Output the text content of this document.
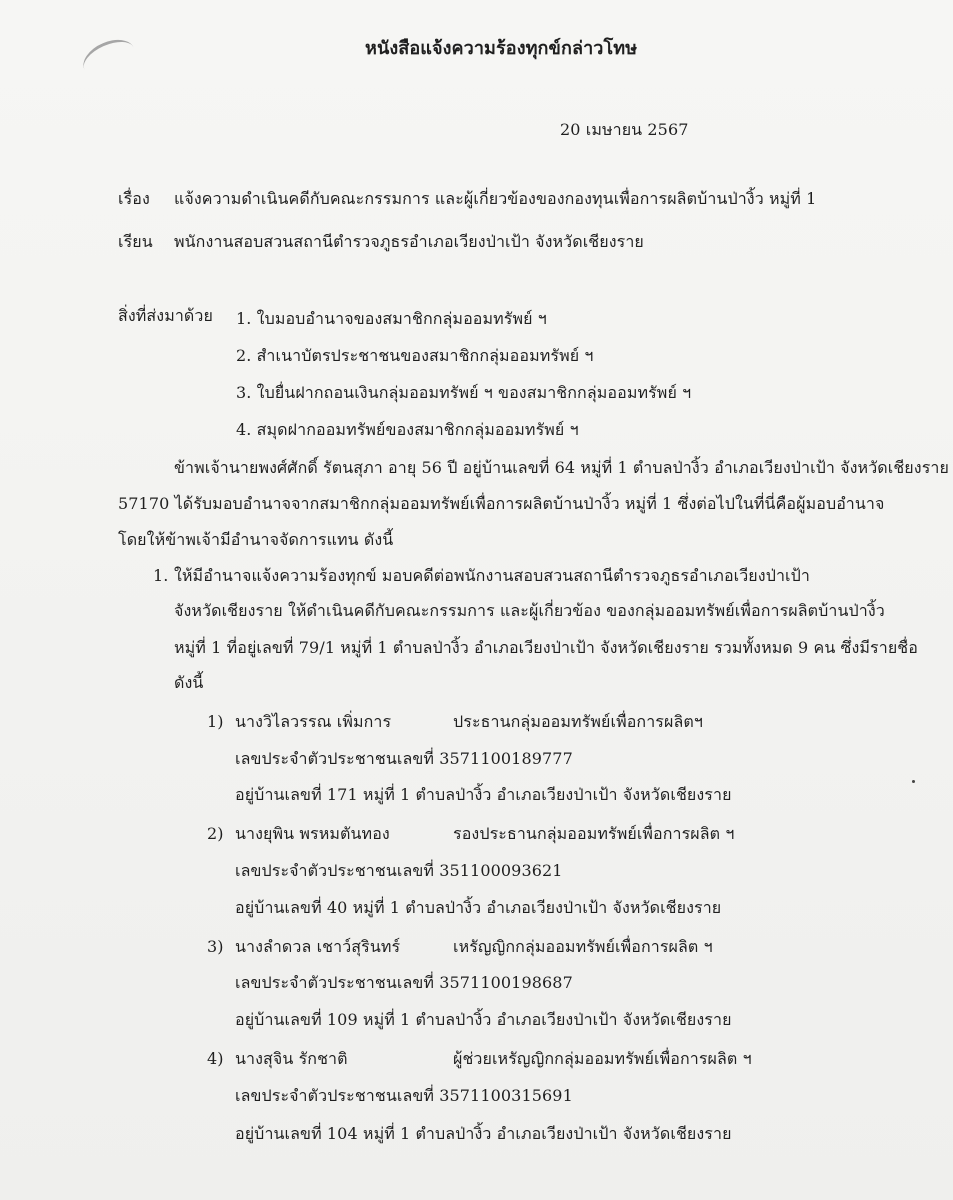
หนังสือแจ้งความร้องทุกข์กล่าวโทษ
20 เมษายน 2567
เรื่อง แจ้งความดำเนินคดีกับคณะกรรมการ และผู้เกี่ยวข้องของกองทุนเพื่อการผลิตบ้านป่างิ้ว หมู่ที่ 1
เรียน พนักงานสอบสวนสถานีตำรวจภูธรอำเภอเวียงป่าเป้า จังหวัดเชียงราย
สิ่งที่ส่งมาด้วย 1. ใบมอบอำนาจของสมาชิกกลุ่มออมทรัพย์ ฯ
2. สำเนาบัตรประชาชนของสมาชิกกลุ่มออมทรัพย์ ฯ
3. ใบยื่นฝากถอนเงินกลุ่มออมทรัพย์ ฯ ของสมาชิกกลุ่มออมทรัพย์ ฯ
4. สมุดฝากออมทรัพย์ของสมาชิกกลุ่มออมทรัพย์ ฯ
ข้าพเจ้านายพงศ์ศักดิ์ รัตนสุภา อายุ 56 ปี อยู่บ้านเลขที่ 64 หมู่ที่ 1 ตำบลป่างิ้ว อำเภอเวียงป่าเป้า จังหวัดเชียงราย
57170 ได้รับมอบอำนาจจากสมาชิกกลุ่มออมทรัพย์เพื่อการผลิตบ้านป่างิ้ว หมู่ที่ 1 ซึ่งต่อไปในที่นี่คือผู้มอบอำนาจ
โดยให้ข้าพเจ้ามีอำนาจจัดการแทน ดังนี้
1. ให้มีอำนาจแจ้งความร้องทุกข์ มอบคดีต่อพนักงานสอบสวนสถานีตำรวจภูธรอำเภอเวียงป่าเป้า
จังหวัดเชียงราย ให้ดำเนินคดีกับคณะกรรมการ และผู้เกี่ยวข้อง ของกลุ่มออมทรัพย์เพื่อการผลิตบ้านป่างิ้ว
หมู่ที่ 1 ที่อยู่เลขที่ 79/1 หมู่ที่ 1 ตำบลป่างิ้ว อำเภอเวียงป่าเป้า จังหวัดเชียงราย รวมทั้งหมด 9 คน ซึ่งมีรายชื่อ
ดังนี้
1) นางวิไลวรรณ เพิ่มการ	ประธานกลุ่มออมทรัพย์เพื่อการผลิตฯ
เลขประจำตัวประชาชนเลขที่ 3571100189777
อยู่บ้านเลขที่ 171 หมู่ที่ 1 ตำบลป่างิ้ว อำเภอเวียงป่าเป้า จังหวัดเชียงราย
2) นางยุพิน พรหมตันทอง	รองประธานกลุ่มออมทรัพย์เพื่อการผลิต ฯ
เลขประจำตัวประชาชนเลขที่ 351100093621
อยู่บ้านเลขที่ 40 หมู่ที่ 1 ตำบลป่างิ้ว อำเภอเวียงป่าเป้า จังหวัดเชียงราย
3) นางลำดวล เชาว์สุรินทร์	เหรัญญิกกลุ่มออมทรัพย์เพื่อการผลิต ฯ
เลขประจำตัวประชาชนเลขที่ 3571100198687
อยู่บ้านเลขที่ 109 หมู่ที่ 1 ตำบลป่างิ้ว อำเภอเวียงป่าเป้า จังหวัดเชียงราย
4) นางสุจิน รักชาติ	ผู้ช่วยเหรัญญิกกลุ่มออมทรัพย์เพื่อการผลิต ฯ
เลขประจำตัวประชาชนเลขที่ 3571100315691
อยู่บ้านเลขที่ 104 หมู่ที่ 1 ตำบลป่างิ้ว อำเภอเวียงป่าเป้า จังหวัดเชียงราย
